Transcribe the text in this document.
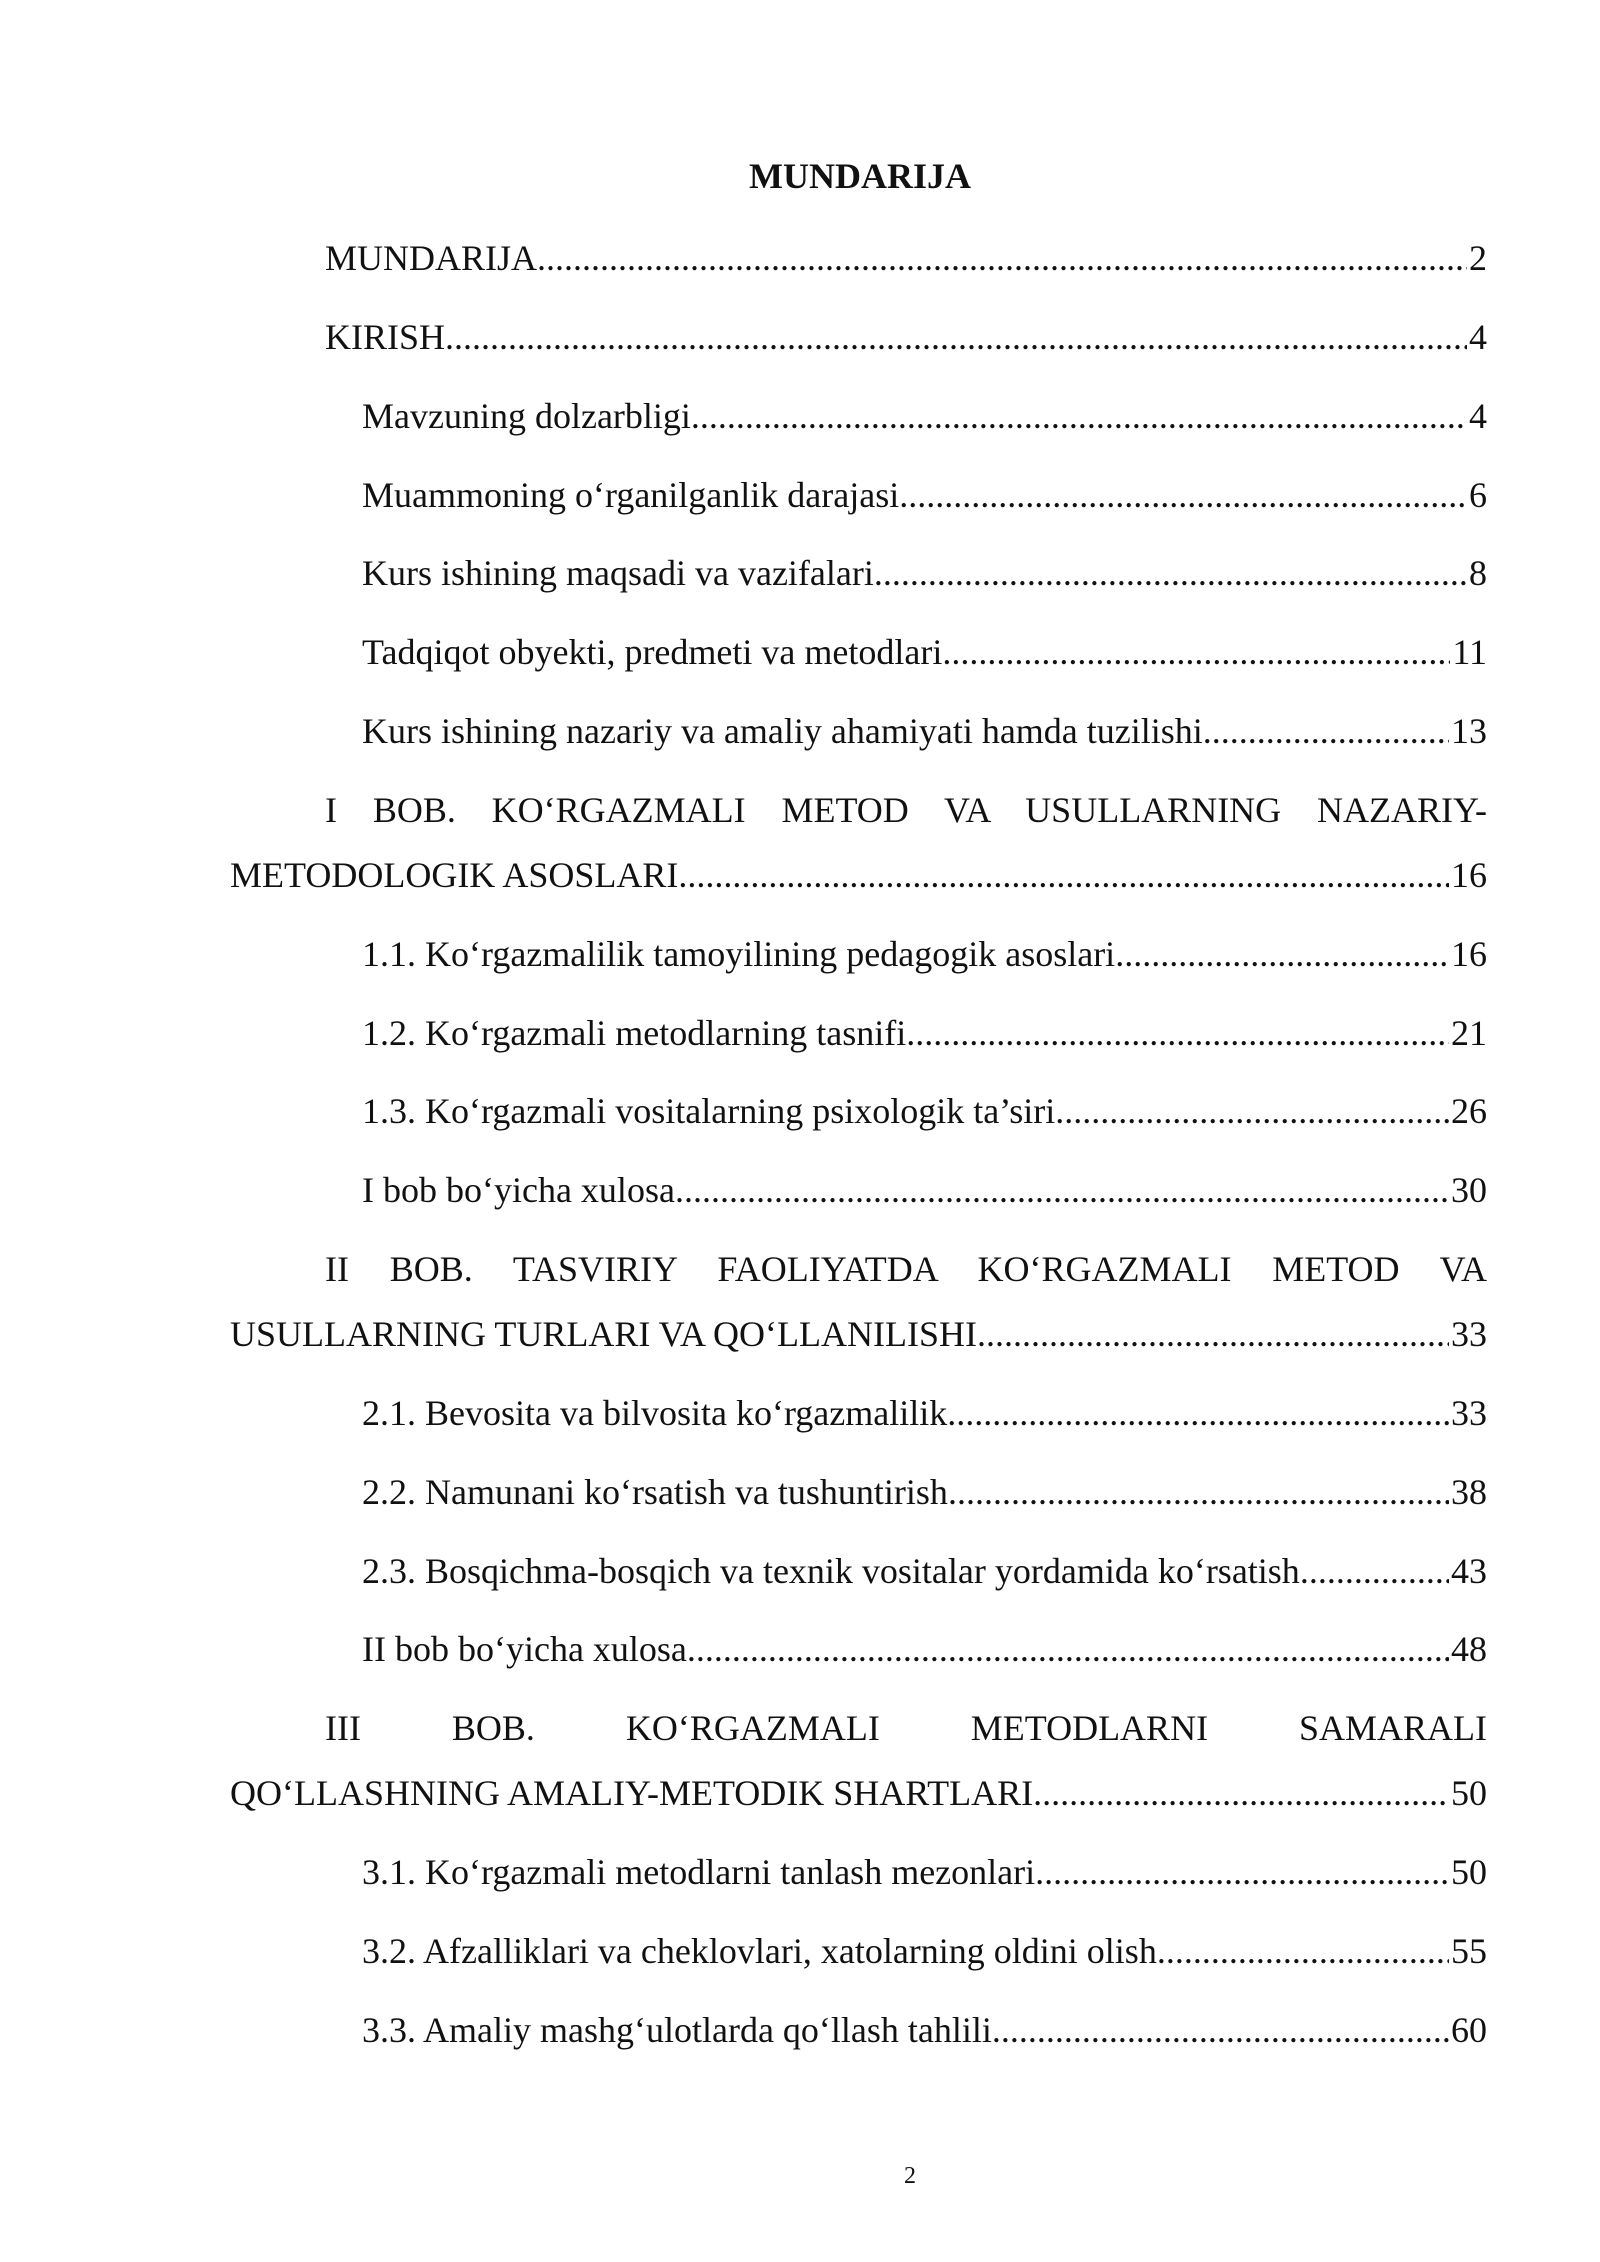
MUNDARIJA
MUNDARIJA .....	2
KIRISH .....	4
Mavzuning dolzarbligi .....	4
Muammoning o‘rganilganlik darajasi .....	6
Kurs ishining maqsadi va vazifalari .....	8
Tadqiqot obyekti, predmeti va metodlari .....	11
Kurs ishining nazariy va amaliy ahamiyati hamda tuzilishi .....	13
I BOB. KO‘RGAZMALI METOD VA USULLARNING NAZARIY-
METODOLOGIK ASOSLARI .....	16
1.1. Ko‘rgazmalilik tamoyilining pedagogik asoslari .....	16
1.2. Ko‘rgazmali metodlarning tasnifi .....	21
1.3. Ko‘rgazmali vositalarning psixologik ta’siri .....	26
I bob bo‘yicha xulosa .....	30
II BOB. TASVIRIY FAOLIYATDA KO‘RGAZMALI METOD VA
USULLARNING TURLARI VA QO‘LLANILISHI .....	33
2.1. Bevosita va bilvosita ko‘rgazmalilik .....	33
2.2. Namunani ko‘rsatish va tushuntirish .....	38
2.3. Bosqichma-bosqich va texnik vositalar yordamida ko‘rsatish .....	43
II bob bo‘yicha xulosa .....	48
III BOB. KO‘RGAZMALI METODLARNI SAMARALI
QO‘LLASHNING AMALIY-METODIK SHARTLARI .....	50
3.1. Ko‘rgazmali metodlarni tanlash mezonlari .....	50
3.2. Afzalliklari va cheklovlari, xatolarning oldini olish .....	55
3.3. Amaliy mashg‘ulotlarda qo‘llash tahlili .....	60
2
